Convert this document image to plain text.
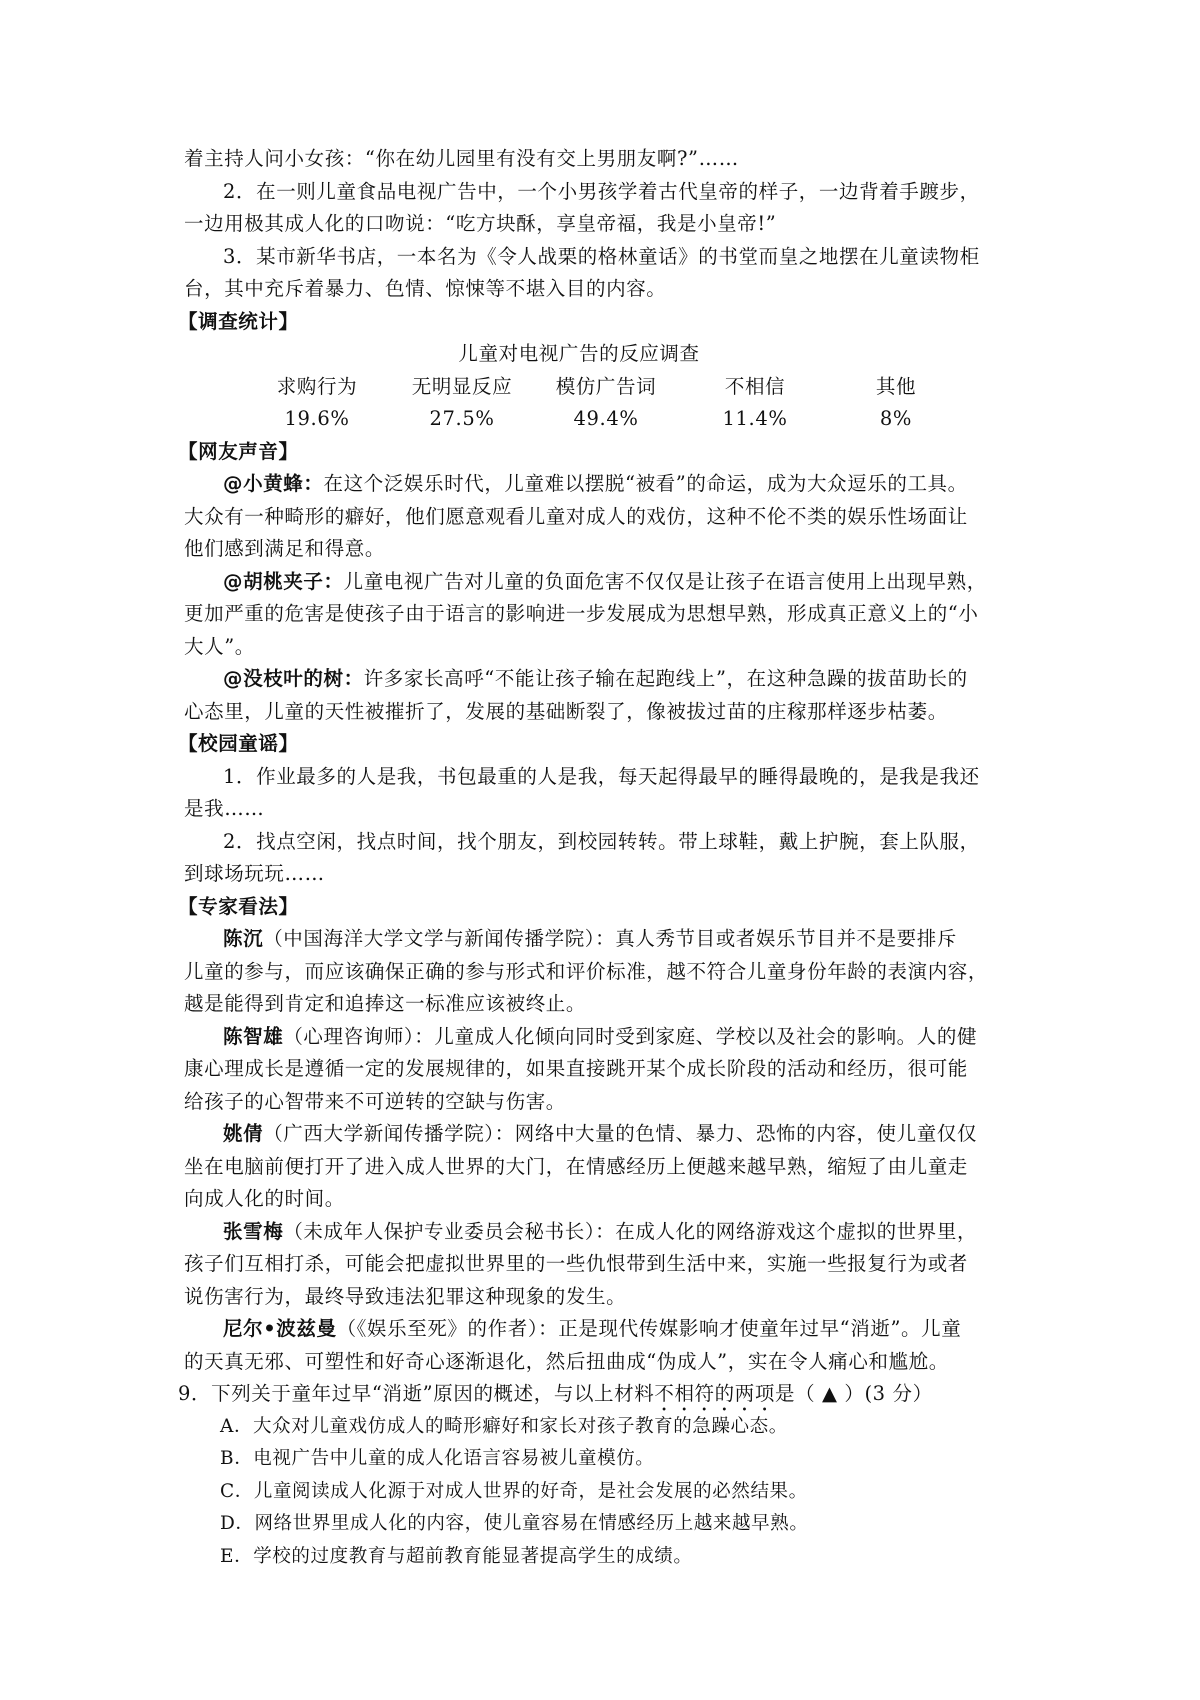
着主持人问小女孩：“你在幼儿园里有没有交上男朋友啊?”……
2．在一则儿童食品电视广告中，一个小男孩学着古代皇帝的样子，一边背着手踱步，
一边用极其成人化的口吻说：“吃方块酥，享皇帝福，我是小皇帝!”
3．某市新华书店，一本名为《令人战栗的格林童话》的书堂而皇之地摆在儿童读物柜
台，其中充斥着暴力、色情、惊悚等不堪入目的内容。
【调查统计】
儿童对电视广告的反应调查
求购行为	无明显反应	模仿广告词	不相信	其他
19.6%	27.5%	49.4%	11.4%	8%
【网友声音】
@小黄蜂：在这个泛娱乐时代，儿童难以摆脱“被看”的命运，成为大众逗乐的工具。
大众有一种畸形的癖好，他们愿意观看儿童对成人的戏仿，这种不伦不类的娱乐性场面让
他们感到满足和得意。
@胡桃夹子：儿童电视广告对儿童的负面危害不仅仅是让孩子在语言使用上出现早熟，
更加严重的危害是使孩子由于语言的影响进一步发展成为思想早熟，形成真正意义上的“小
大人”。
@没枝叶的树：许多家长高呼“不能让孩子输在起跑线上”，在这种急躁的拔苗助长的
心态里，儿童的天性被摧折了，发展的基础断裂了，像被拔过苗的庄稼那样逐步枯萎。
【校园童谣】
1．作业最多的人是我，书包最重的人是我，每天起得最早的睡得最晚的，是我是我还
是我……
2．找点空闲，找点时间，找个朋友，到校园转转。带上球鞋，戴上护腕，套上队服，
到球场玩玩……
【专家看法】
陈沉（中国海洋大学文学与新闻传播学院）：真人秀节目或者娱乐节目并不是要排斥
儿童的参与，而应该确保正确的参与形式和评价标准，越不符合儿童身份年龄的表演内容，
越是能得到肯定和追捧这一标准应该被终止。
陈智雄（心理咨询师）：儿童成人化倾向同时受到家庭、学校以及社会的影响。人的健
康心理成长是遵循一定的发展规律的，如果直接跳开某个成长阶段的活动和经历，很可能
给孩子的心智带来不可逆转的空缺与伤害。
姚倩（广西大学新闻传播学院）：网络中大量的色情、暴力、恐怖的内容，使儿童仅仅
坐在电脑前便打开了进入成人世界的大门，在情感经历上便越来越早熟，缩短了由儿童走
向成人化的时间。
张雪梅（未成年人保护专业委员会秘书长）：在成人化的网络游戏这个虚拟的世界里，
孩子们互相打杀，可能会把虚拟世界里的一些仇恨带到生活中来，实施一些报复行为或者
说伤害行为，最终导致违法犯罪这种现象的发生。
尼尔•波兹曼（《娱乐至死》的作者）：正是现代传媒影响才使童年过早“消逝”。儿童
的天真无邪、可塑性和好奇心逐渐退化，然后扭曲成“伪成人”，实在令人痛心和尴尬。
9．下列关于童年过早“消逝”原因的概述，与以上材料不相符的两项是（ ▲ ）(3 分）
A．大众对儿童戏仿成人的畸形癖好和家长对孩子教育的急躁心态。
B．电视广告中儿童的成人化语言容易被儿童模仿。
C．儿童阅读成人化源于对成人世界的好奇，是社会发展的必然结果。
D．网络世界里成人化的内容，使儿童容易在情感经历上越来越早熟。
E．学校的过度教育与超前教育能显著提高学生的成绩。
